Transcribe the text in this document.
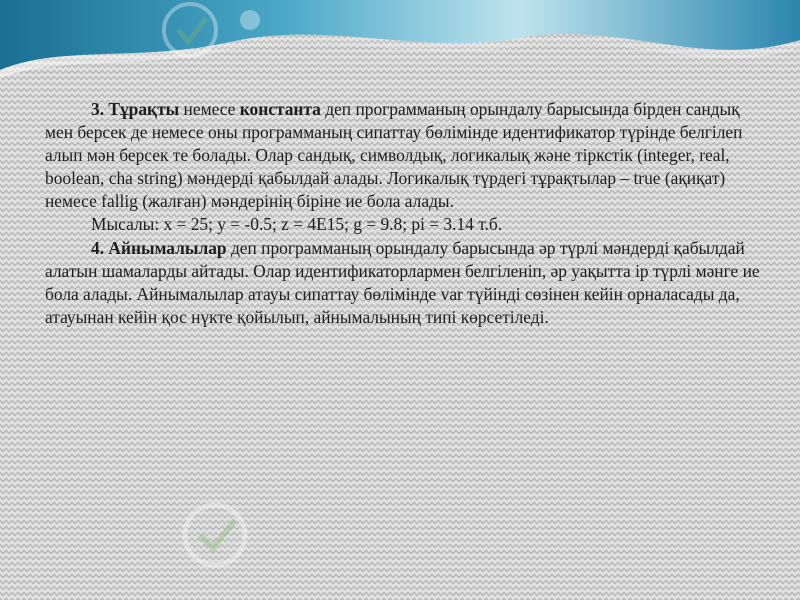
3. Тұрақты немесе константа деп программаның орындалу барысында бірден сандық мен берсек де немесе оны программаның сипаттау бөлімінде идентификатор түрінде белгілеп алып мән берсек те болады. Олар сандық, символдық, логикалық және тіркстік (integer, real, boolean, cha string) мәндерді қабылдай алады. Логикалық түрдегі тұрақтылар – true (ақиқат) немесе fallig (жалған) мәндерінің біріне ие бола алады.

Мысалы: x = 25; y = -0.5; z = 4E15; g = 9.8; pi = 3.14 т.б.

4. Айнымалылар деп программаның орындалу барысында әр түрлі мәндерді қабылдай алатын шамаларды айтады. Олар идентификаторлармен белгіленіп, әр уақытта ір түрлі мәнге ие бола алады. Айнымалылар атауы сипаттау бөлімінде var түйінді сөзінен кейін орналасады да, атауынан кейін қос нүкте қойылып, айнымалының типі көрсетіледі.
